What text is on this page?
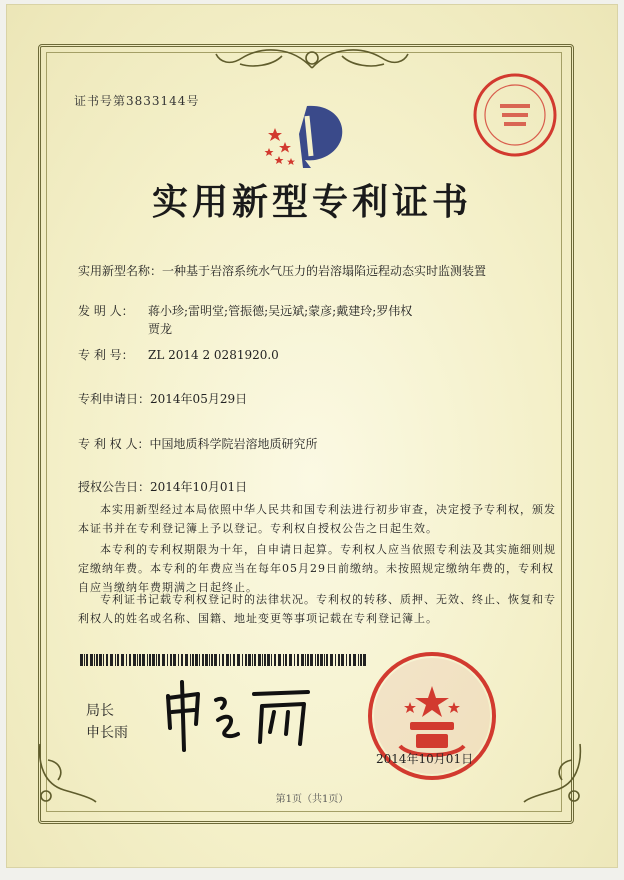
证书号第3833144号
实用新型专利证书
实用新型名称：一种基于岩溶系统水气压力的岩溶塌陷远程动态实时监测装置
发 明 人： 蒋小珍;雷明堂;管振德;吴远斌;蒙彦;戴建玲;罗伟权
贾龙
专 利 号： ZL 2014 2 0281920.0
专利申请日：2014年05月29日
专 利 权 人：中国地质科学院岩溶地质研究所
授权公告日：2014年10月01日

本实用新型经过本局依照中华人民共和国专利法进行初步审查，决定授予专利权，颁发本证书并在专利登记簿上予以登记。专利权自授权公告之日起生效。

本专利的专利权期限为十年，自申请日起算。专利权人应当依照专利法及其实施细则规定缴纳年费。本专利的年费应当在每年05月29日前缴纳。未按照规定缴纳年费的，专利权自应当缴纳年费期满之日起终止。

专利证书记载专利权登记时的法律状况。专利权的转移、质押、无效、终止、恢复和专利权人的姓名或名称、国籍、地址变更等事项记载在专利登记簿上。

局长
申长雨
2014年10月01日
第1页（共1页）
